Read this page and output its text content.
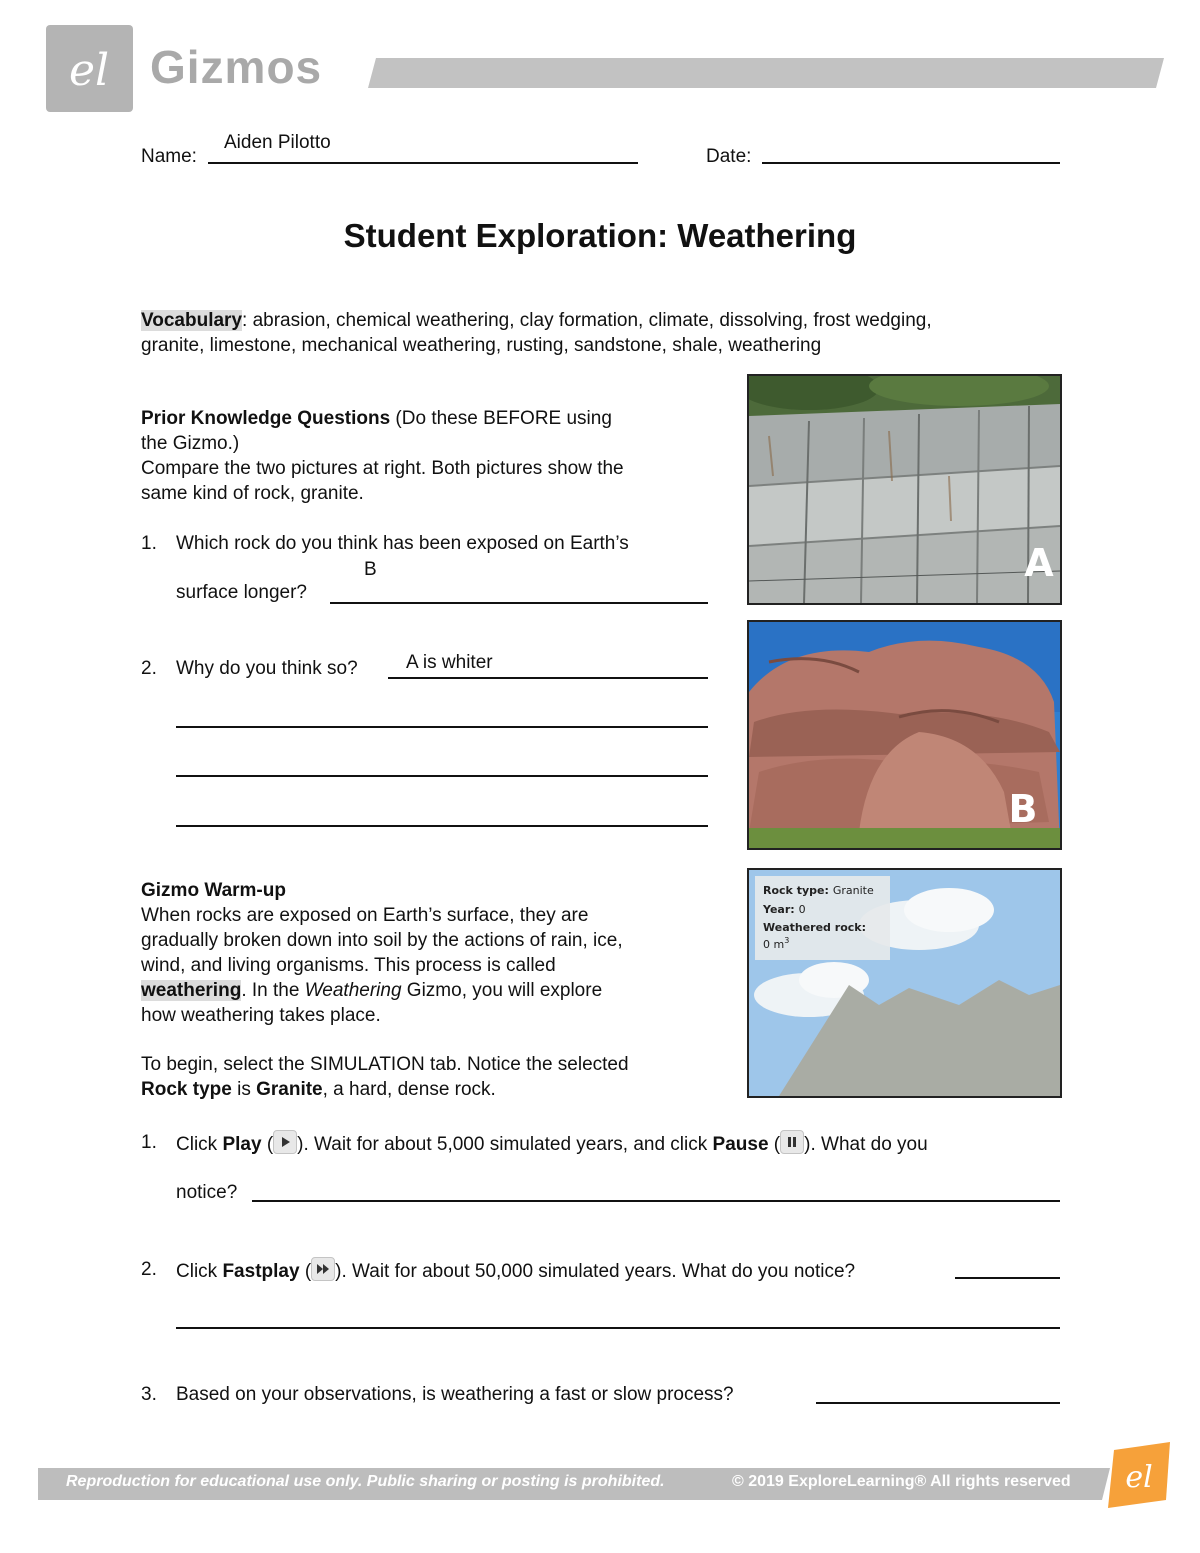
el Gizmos
Name:
Aiden Pilotto
Date:
Student Exploration: Weathering
Vocabulary: abrasion, chemical weathering, clay formation, climate, dissolving, frost wedging,
granite, limestone, mechanical weathering, rusting, sandstone, shale, weathering
Prior Knowledge Questions (Do these BEFORE using
the Gizmo.)
Compare the two pictures at right. Both pictures show the
same kind of rock, granite.
1. Which rock do you think has been exposed on Earth’s
surface longer?
B
2. Why do you think so?	A is whiter
A
B
Rock type: Granite
Year: 0
Weathered rock:
0 $m^3$
Gizmo Warm-up
When rocks are exposed on Earth’s surface, they are
gradually broken down into soil by the actions of rain, ice,
wind, and living organisms. This process is called
weathering. In the Weathering Gizmo, you will explore
how weathering takes place.
To begin, select the SIMULATION tab. Notice the selected
Rock type is Granite, a hard, dense rock.
1. Click Play ( ). Wait for about 5,000 simulated years, and click Pause ( ). What do you
notice?
2. Click Fastplay ( ). Wait for about 50,000 simulated years. What do you notice?
3. Based on your observations, is weathering a fast or slow process?
Reproduction for educational use only. Public sharing or posting is prohibited.	© 2019 ExploreLearning® All rights reserved el
